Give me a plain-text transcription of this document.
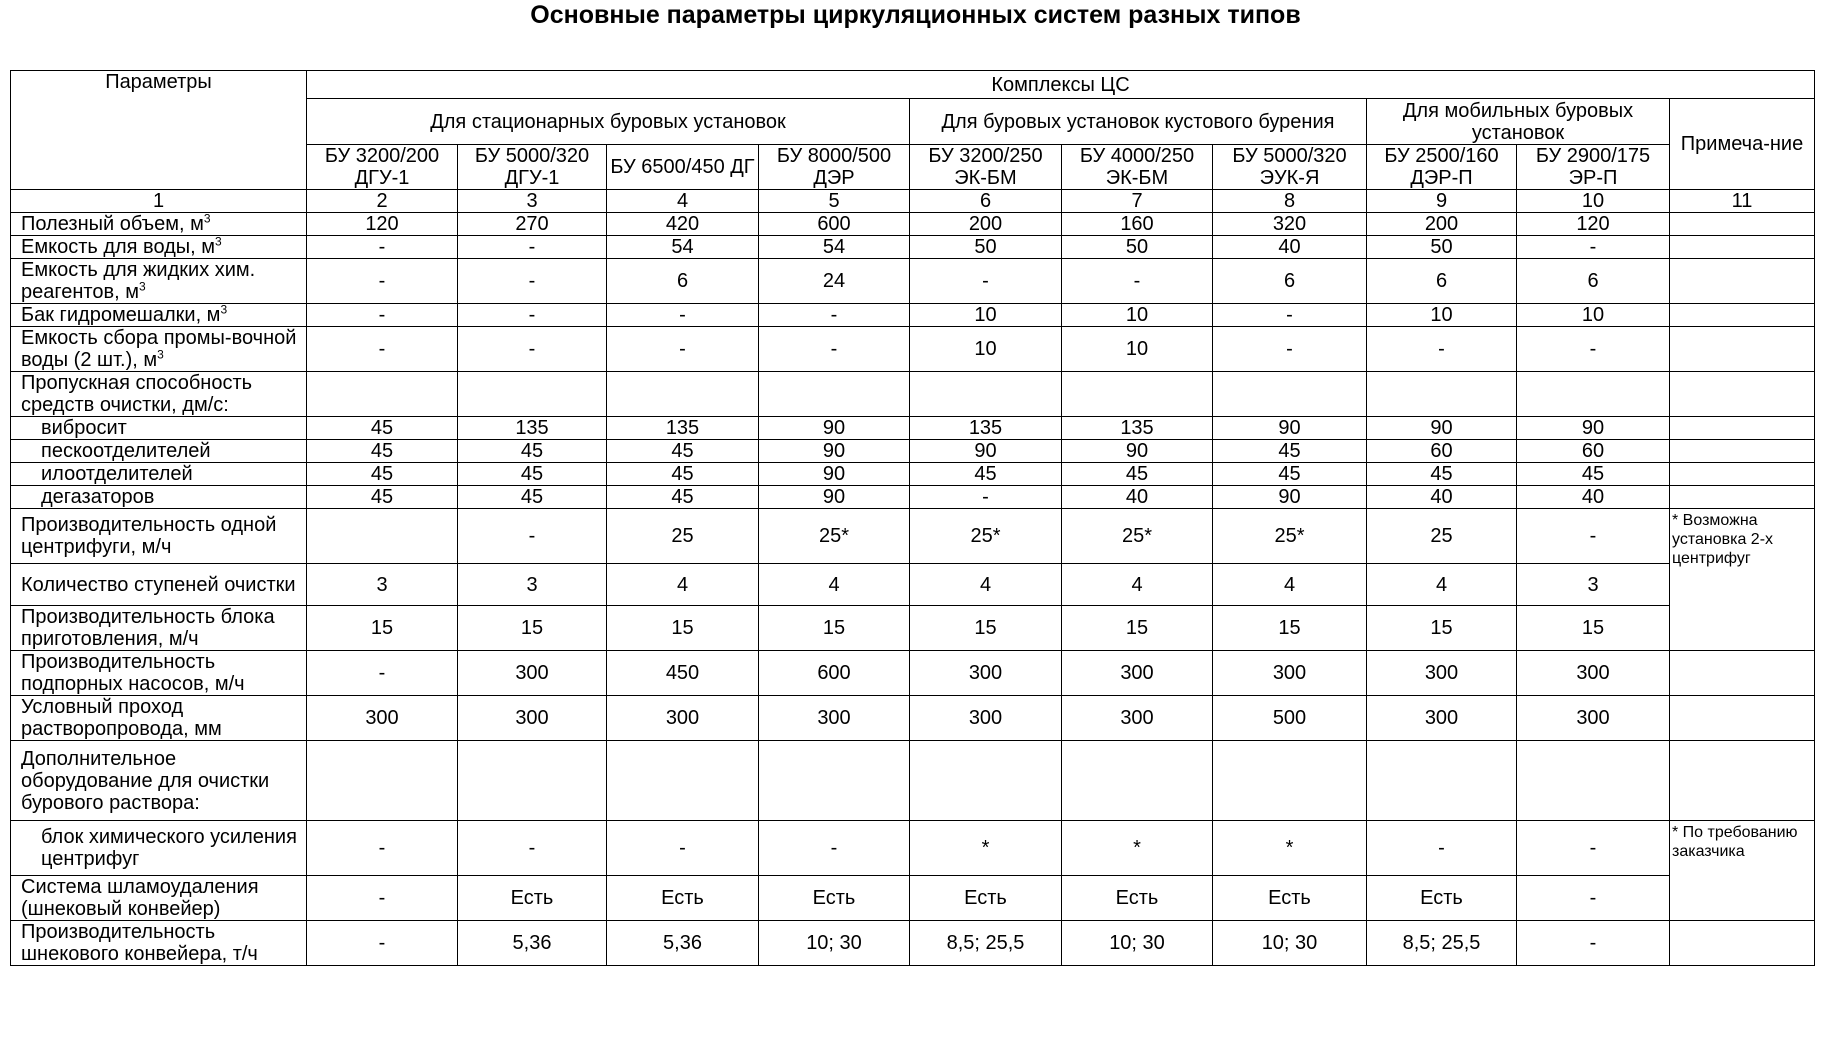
Основные параметры циркуляционных систем разных типов
Параметры	Комплексы ЦС									
	Для стационарных буровых установок				Для буровых установок кустового бурения			Для мобильных буровых установок		Примеча-ние
	БУ 3200/200 ДГУ-1	БУ 5000/320 ДГУ-1	БУ 6500/450 ДГ	БУ 8000/500 ДЭР	БУ 3200/250 ЭК-БМ	БУ 4000/250 ЭК-БМ	БУ 5000/320 ЭУК-Я	БУ 2500/160 ДЭР-П	БУ 2900/175 ЭР-П	
1	2	3	4	5	6	7	8	9	10	11
Полезный объем, $м^3$	120	270	420	600	200	160	320	200	120	
Емкость для воды, $м^3$	-	-	54	54	50	50	40	50	-	
Емкость для жидких хим. реагентов, $м^3$	-	-	6	24	-	-	6	6	6	
Бак гидромешалки, $м^3$	-	-	-	-	10	10	-	10	10	
Емкость сбора промы-вочной воды (2 шт.), $м^3$	-	-	-	-	10	10	-	-	-	
Пропускная способность средств очистки, дм/с:										
вибросит	45	135	135	90	135	135	90	90	90	
пескоотделителей	45	45	45	90	90	90	45	60	60	
илоотделителей	45	45	45	90	45	45	45	45	45	
дегазаторов	45	45	45	90	-	40	90	40	40	
Производительность одной центрифуги, м/ч		-	25	25*	25*	25*	25*	25	-	* Возможна установка 2-х центрифуг
Количество ступеней очистки	3	3	4	4	4	4	4	4	3	
Производительность блока приготовления, м/ч	15	15	15	15	15	15	15	15	15	
Производительность подпорных насосов, м/ч	-	300	450	600	300	300	300	300	300	
Условный проход растворопровода, мм	300	300	300	300	300	300	500	300	300	
Дополнительное оборудование для очистки бурового раствора:										
блок химического усиления центрифуг	-	-	-	-	*	*	*	-	-	* По требованию заказчика
Система шламоудаления (шнековый конвейер)	-	Есть	Есть	Есть	Есть	Есть	Есть	Есть	-	
Производительность шнекового конвейера, т/ч	-	5,36	5,36	10; 30	8,5; 25,5	10; 30	10; 30	8,5; 25,5	-	
